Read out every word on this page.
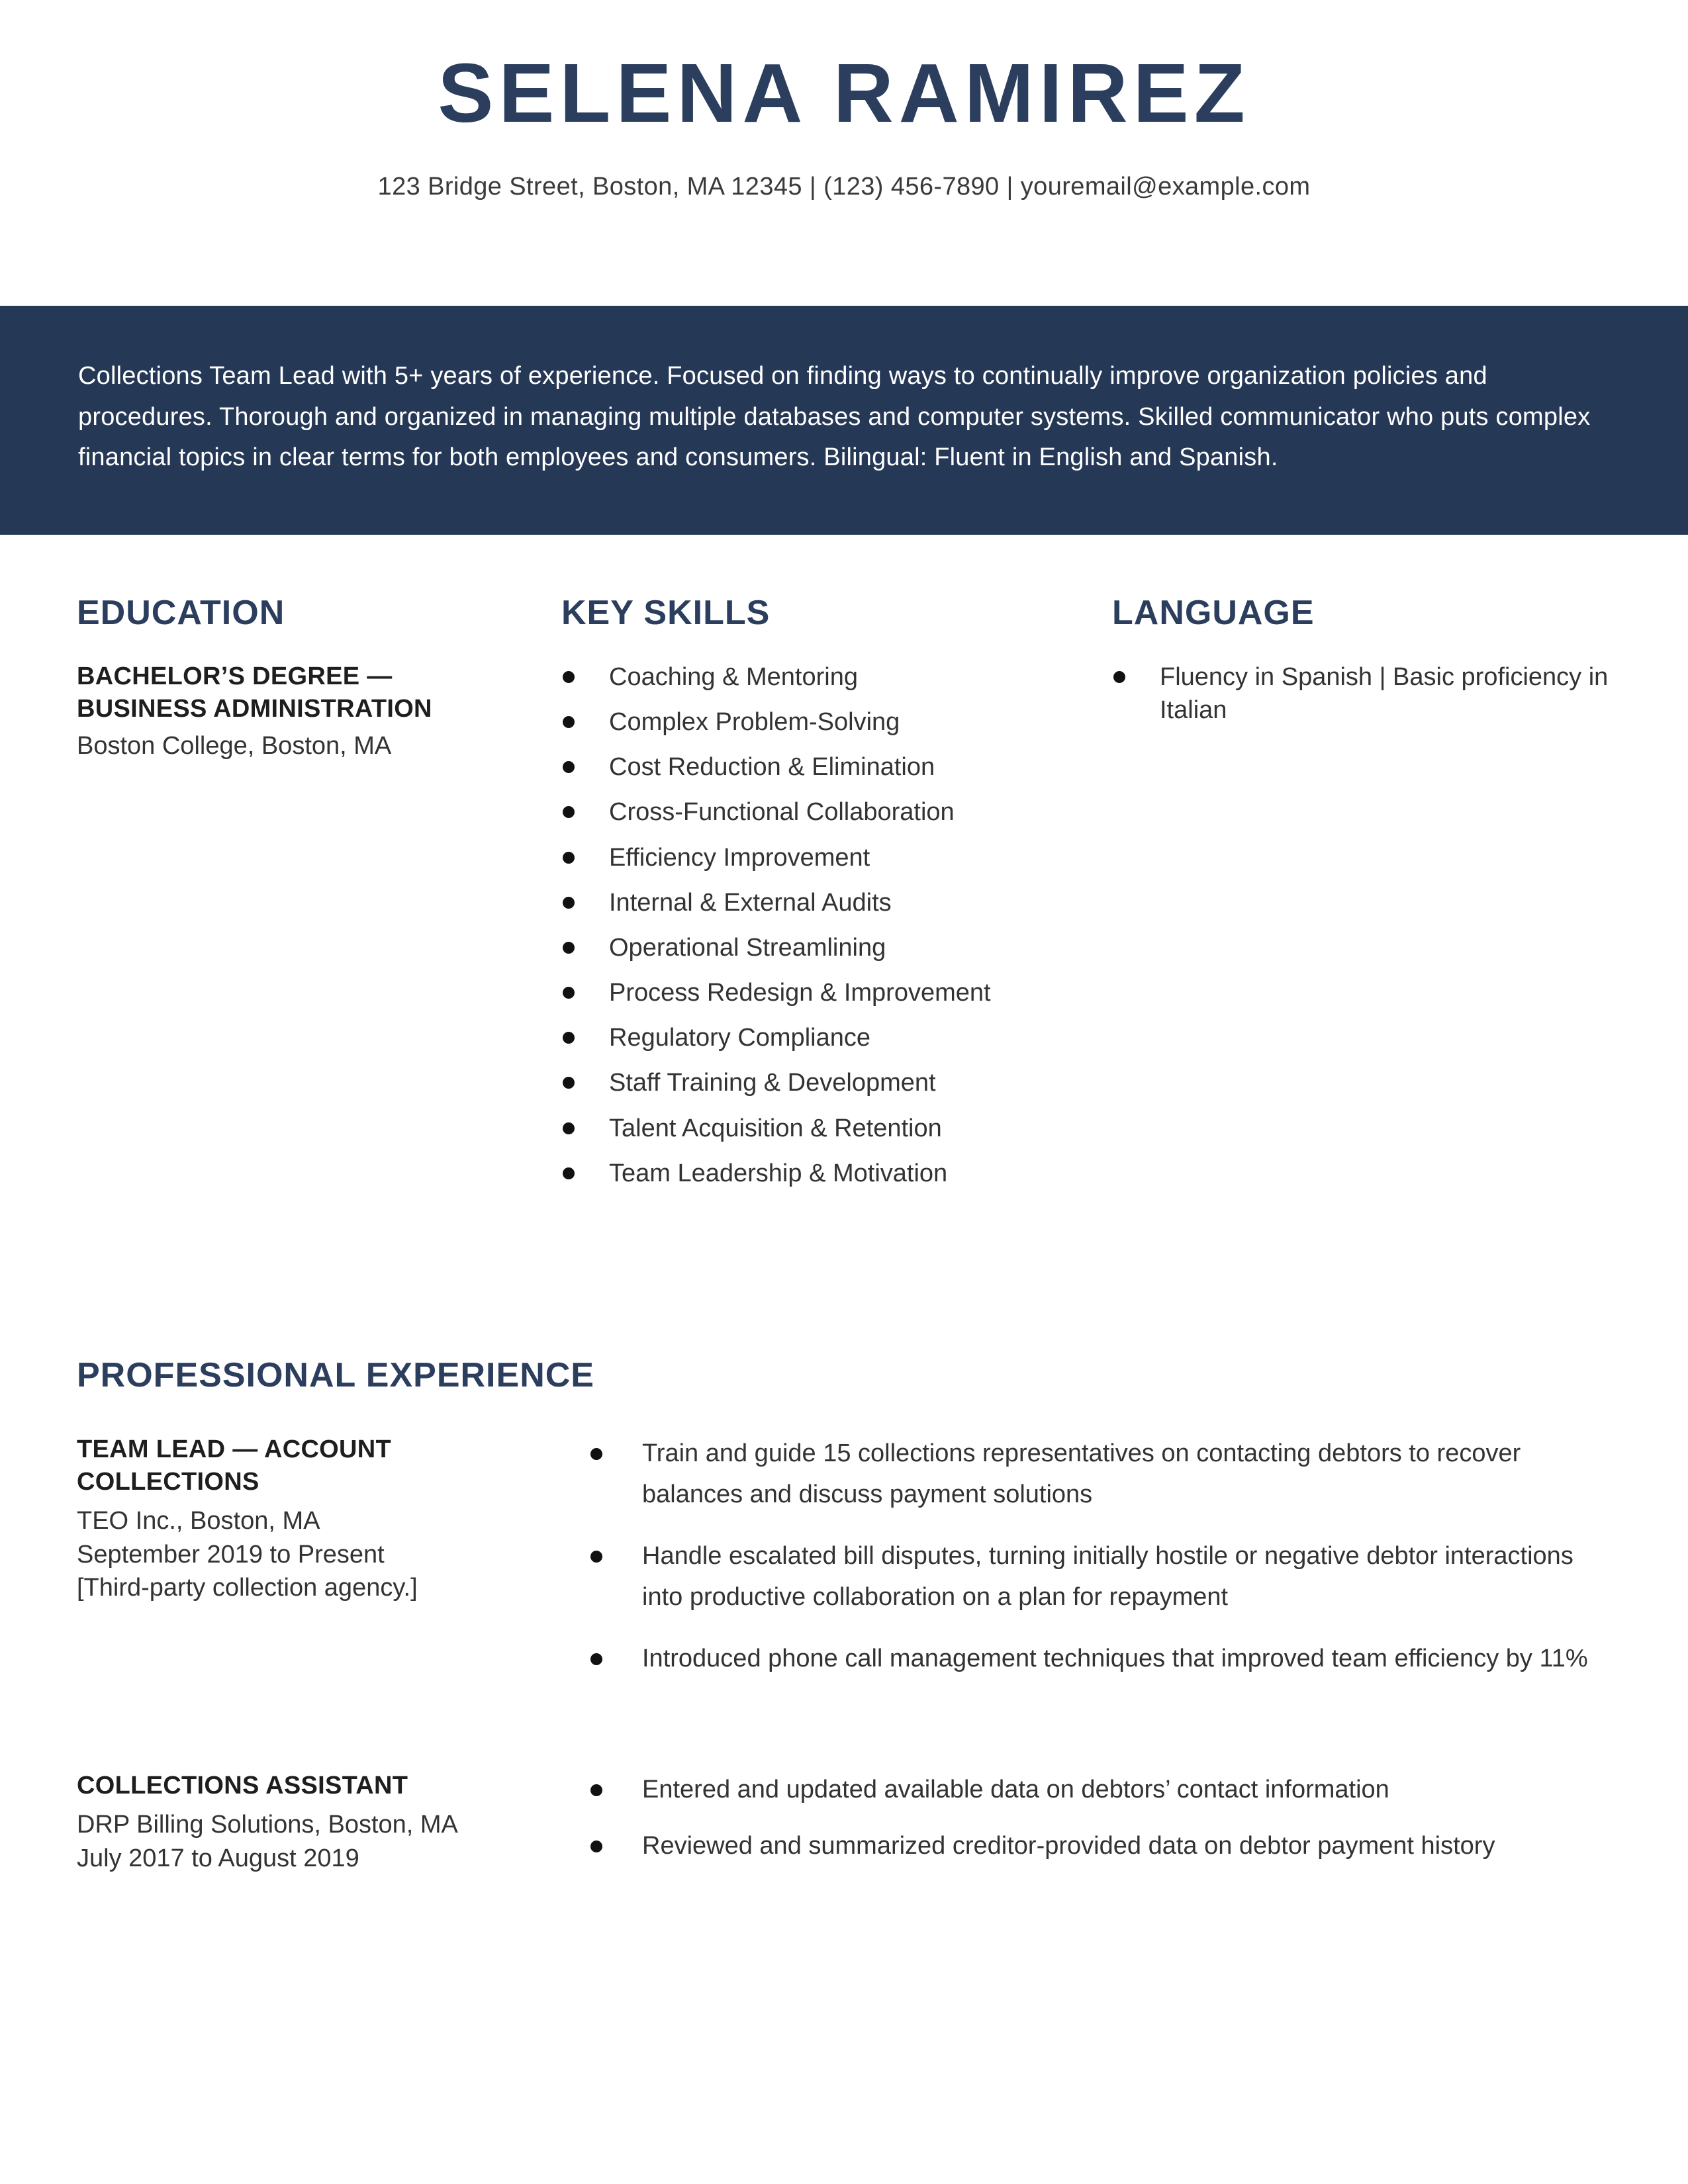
SELENA RAMIREZ
123 Bridge Street, Boston, MA 12345 | (123) 456-7890 | youremail@example.com
Collections Team Lead with 5+ years of experience. Focused on finding ways to continually improve organization policies and procedures. Thorough and organized in managing multiple databases and computer systems. Skilled communicator who puts complex financial topics in clear terms for both employees and consumers. Bilingual: Fluent in English and Spanish.
EDUCATION
BACHELOR’S DEGREE — BUSINESS ADMINISTRATION
Boston College, Boston, MA
KEY SKILLS
Coaching & Mentoring
Complex Problem-Solving
Cost Reduction & Elimination
Cross-Functional Collaboration
Efficiency Improvement
Internal & External Audits
Operational Streamlining
Process Redesign & Improvement
Regulatory Compliance
Staff Training & Development
Talent Acquisition & Retention
Team Leadership & Motivation
LANGUAGE
Fluency in Spanish | Basic proficiency in Italian
PROFESSIONAL EXPERIENCE
TEAM LEAD — ACCOUNT COLLECTIONS
TEO Inc., Boston, MA
September 2019 to Present
[Third-party collection agency.]
Train and guide 15 collections representatives on contacting debtors to recover balances and discuss payment solutions
Handle escalated bill disputes, turning initially hostile or negative debtor interactions into productive collaboration on a plan for repayment
Introduced phone call management techniques that improved team efficiency by 11%
COLLECTIONS ASSISTANT
DRP Billing Solutions, Boston, MA
July 2017 to August 2019
Entered and updated available data on debtors’ contact information
Reviewed and summarized creditor-provided data on debtor payment history
